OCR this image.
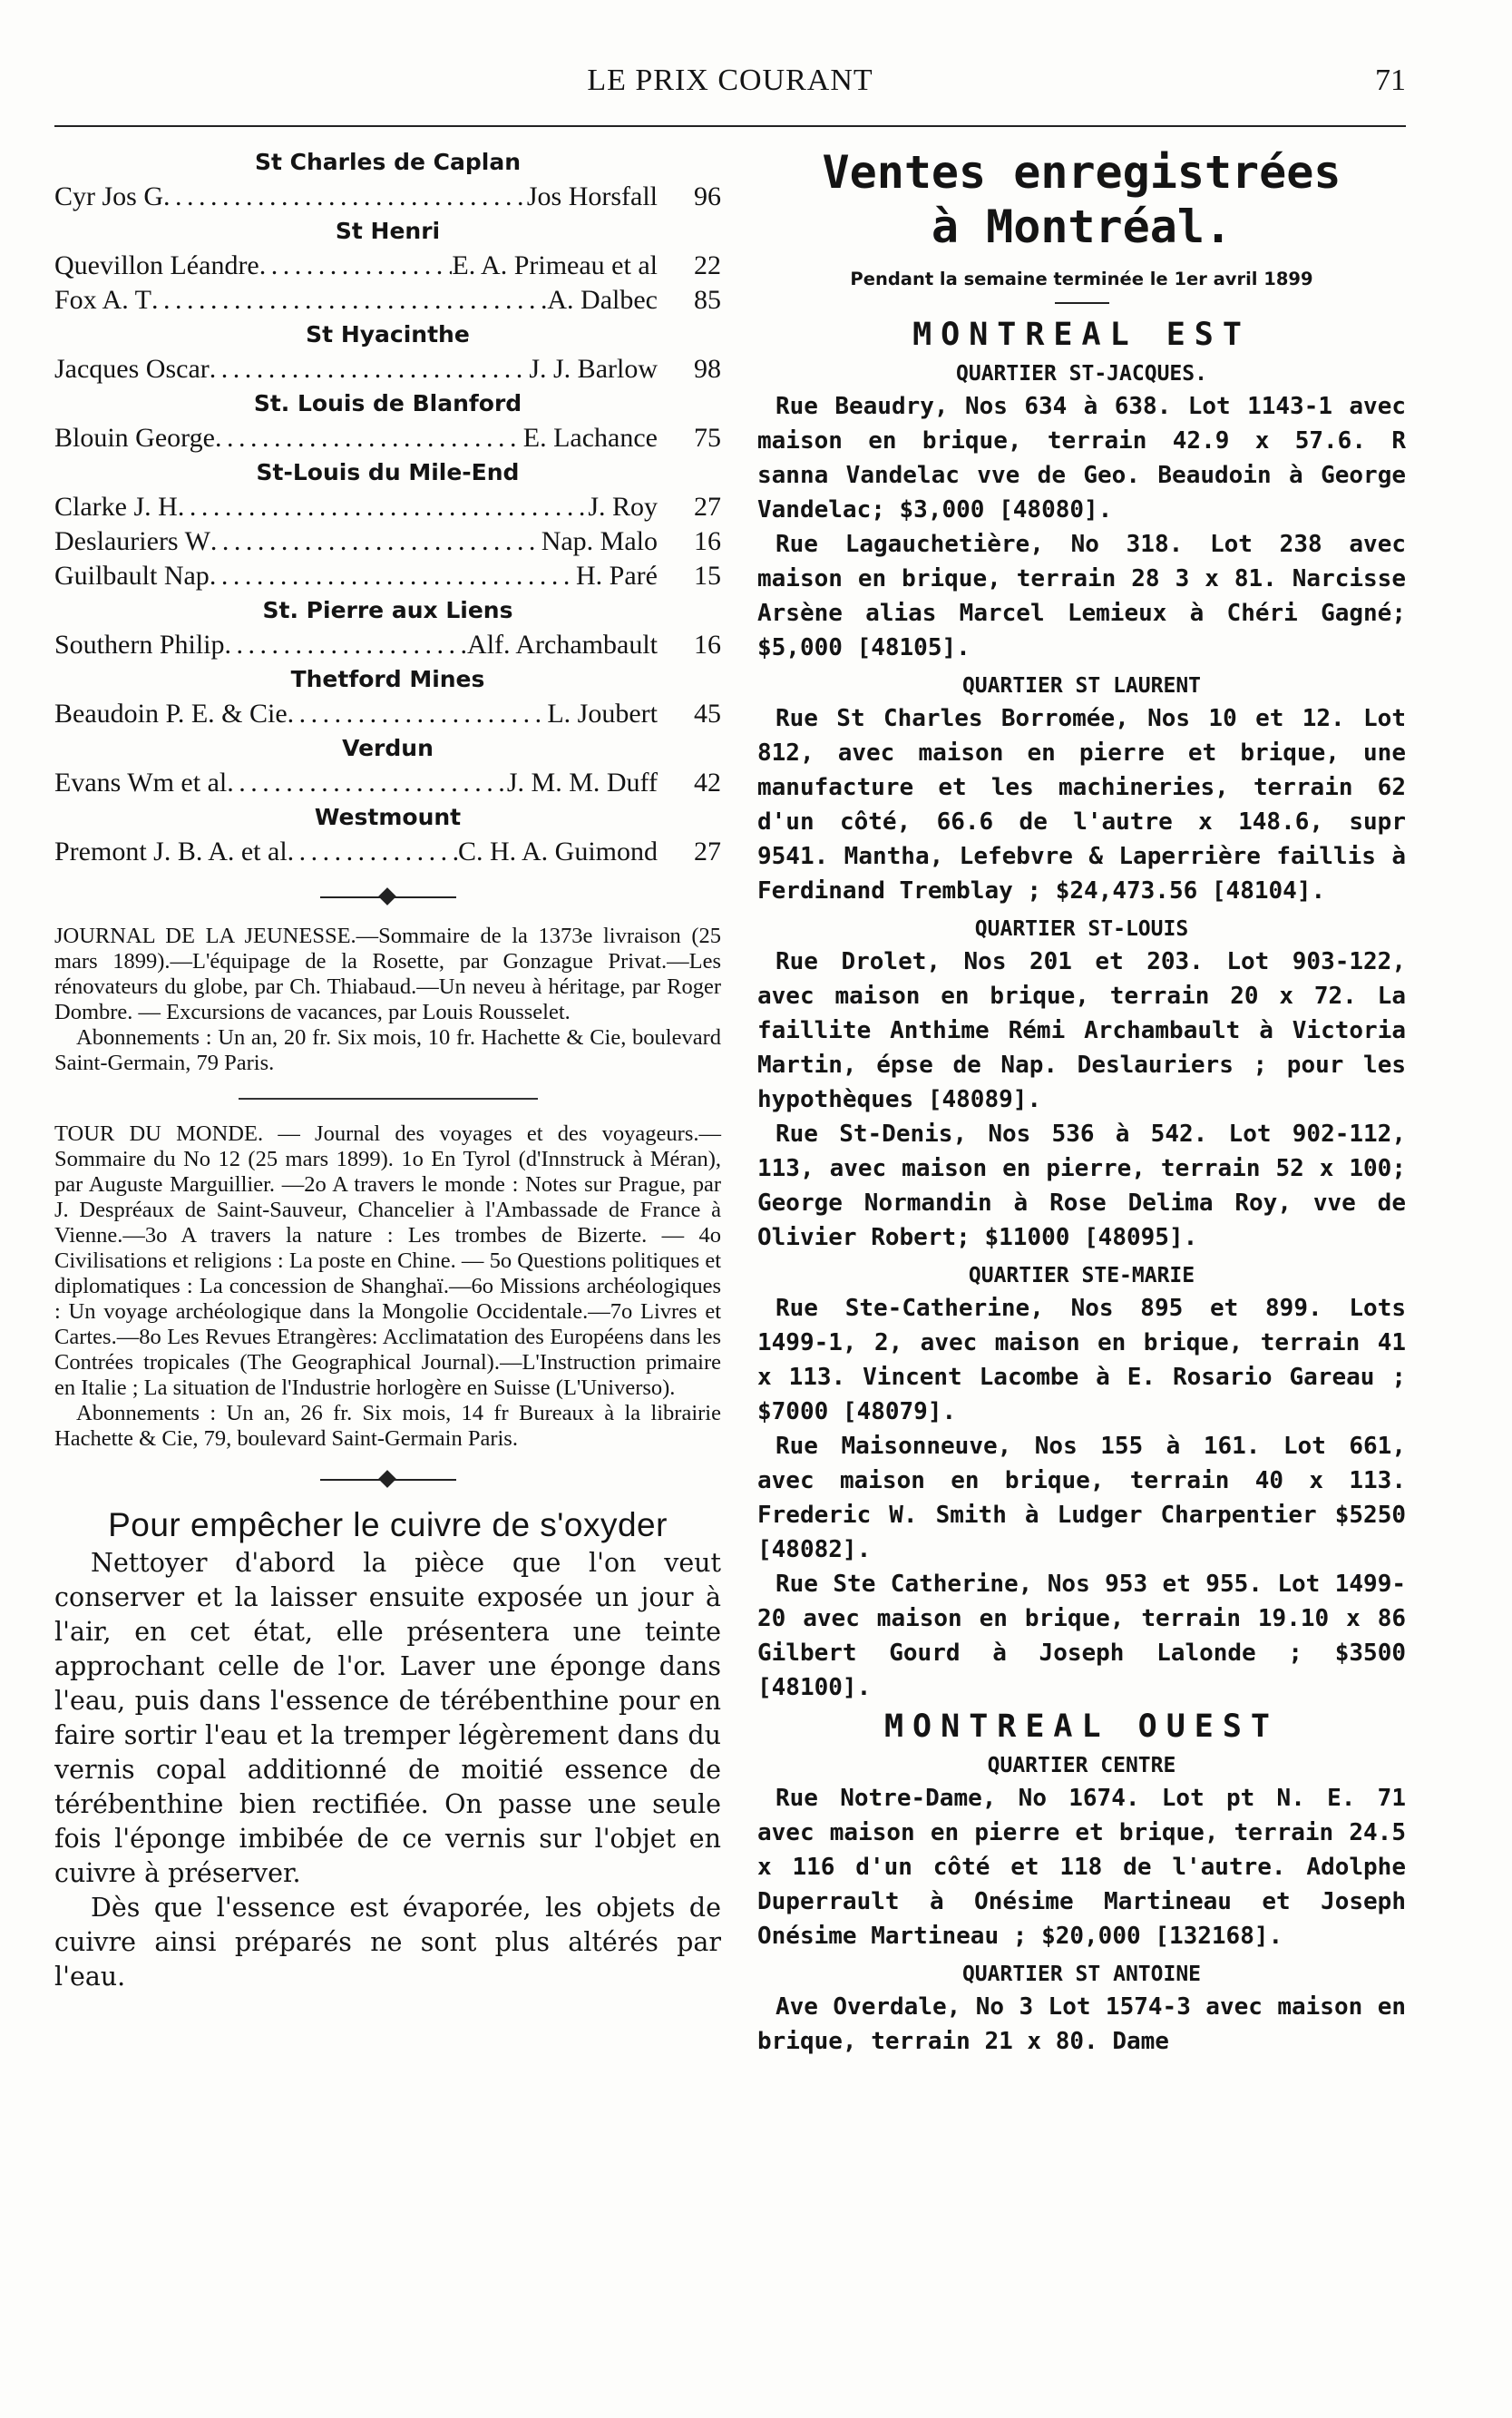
LE PRIX COURANT	71
St Charles de Caplan
Cyr Jos G . . .	Jos Horsfall	96
St Henri
Quevillon Léandre . . .	E. A. Primeau et al	22
Fox A. T . . .	A. Dalbec	85
St Hyacinthe
Jacques Oscar . . .	J. J. Barlow	98
St. Louis de Blanford
Blouin George . . .	E. Lachance	75
St-Louis du Mile-End
Clarke J. H . . .	J. Roy	27
Deslauriers W . . .	Nap. Malo	16
Guilbault Nap . . .	H. Paré	15
St. Pierre aux Liens
Southern Philip . . .	Alf. Archambault	16
Thetford Mines
Beaudoin P. E. & Cie . . .	L. Joubert	45
Verdun
Evans Wm et al . . .	J. M. M. Duff	42
Westmount
Premont J. B. A. et al . . .	C. H. A. Guimond	27

JOURNAL DE LA JEUNESSE.—Sommaire de la 1373e livraison (25 mars 1899).—L'équipage de la Rosette, par Gonzague Privat.—Les rénovateurs du globe, par Ch. Thiabaud.—Un neveu à héritage, par Roger Dombre. — Excursions de vacances, par Louis Rousselet.

Abonnements : Un an, 20 fr. Six mois, 10 fr. Hachette & Cie, boulevard Saint-Germain, 79 Paris.

TOUR DU MONDE. — Journal des voyages et des voyageurs.—Sommaire du No 12 (25 mars 1899). 1o En Tyrol (d'Innstruck à Méran), par Auguste Marguillier. —2o A travers le monde : Notes sur Prague, par J. Despréaux de Saint-Sauveur, Chancelier à l'Ambassade de France à Vienne.—3o A travers la nature : Les trombes de Bizerte. — 4o Civilisations et religions : La poste en Chine. — 5o Questions politiques et diplomatiques : La concession de Shanghaï.—6o Missions archéologiques : Un voyage archéologique dans la Mongolie Occidentale.—7o Livres et Cartes.—8o Les Revues Etrangères: Acclimatation des Européens dans les Contrées tropicales (The Geographical Journal).—L'Instruction primaire en Italie ; La situation de l'Industrie horlogère en Suisse (L'Universo).

Abonnements : Un an, 26 fr. Six mois, 14 fr Bureaux à la librairie Hachette & Cie, 79, boulevard Saint-Germain Paris.

Pour empêcher le cuivre de s'oxyder

Nettoyer d'abord la pièce que l'on veut conserver et la laisser ensuite exposée un jour à l'air, en cet état, elle présentera une teinte approchant celle de l'or. Laver une éponge dans l'eau, puis dans l'essence de térébenthine pour en faire sortir l'eau et la tremper légèrement dans du vernis copal additionné de moitié essence de térébenthine bien rectifiée. On passe une seule fois l'éponge imbibée de ce vernis sur l'objet en cuivre à préserver.

Dès que l'essence est évaporée, les objets de cuivre ainsi préparés ne sont plus altérés par l'eau.

Ventes enregistrées
à Montréal.
Pendant la semaine terminée le 1er avril 1899
MONTREAL EST
QUARTIER ST-JACQUES.

Rue Beaudry, Nos 634 à 638. Lot 1143-1 avec maison en brique, terrain 42.9 x 57.6. R sanna Vandelac vve de Geo. Beaudoin à George Vandelac; $3,000 [48080].

Rue Lagauchetière, No 318. Lot 238 avec maison en brique, terrain 28 3 x 81. Narcisse Arsène alias Marcel Lemieux à Chéri Gagné; $5,000 [48105].

QUARTIER ST LAURENT

Rue St Charles Borromée, Nos 10 et 12. Lot 812, avec maison en pierre et brique, une manufacture et les machineries, terrain 62 d'un côté, 66.6 de l'autre x 148.6, supr 9541. Mantha, Lefebvre & Laperrière faillis à Ferdinand Tremblay ; $24,473.56 [48104].

QUARTIER ST-LOUIS

Rue Drolet, Nos 201 et 203. Lot 903-122, avec maison en brique, terrain 20 x 72. La faillite Anthime Rémi Archambault à Victoria Martin, épse de Nap. Deslauriers ; pour les hypothèques [48089].

Rue St-Denis, Nos 536 à 542. Lot 902-112, 113, avec maison en pierre, terrain 52 x 100; George Normandin à Rose Delima Roy, vve de Olivier Robert; $11000 [48095].

QUARTIER STE-MARIE

Rue Ste-Catherine, Nos 895 et 899. Lots 1499-1, 2, avec maison en brique, terrain 41 x 113. Vincent Lacombe à E. Rosario Gareau ; $7000 [48079].

Rue Maisonneuve, Nos 155 à 161. Lot 661, avec maison en brique, terrain 40 x 113. Frederic W. Smith à Ludger Charpentier $5250 [48082].

Rue Ste Catherine, Nos 953 et 955. Lot 1499-20 avec maison en brique, terrain 19.10 x 86 Gilbert Gourd à Joseph Lalonde ; $3500 [48100].

MONTREAL OUEST
QUARTIER CENTRE

Rue Notre-Dame, No 1674. Lot pt N. E. 71 avec maison en pierre et brique, terrain 24.5 x 116 d'un côté et 118 de l'autre. Adolphe Duperrault à Onésime Martineau et Joseph Onésime Martineau ; $20,000 [132168].

QUARTIER ST ANTOINE

Ave Overdale, No 3 Lot 1574-3 avec maison en brique, terrain 21 x 80. Dame
